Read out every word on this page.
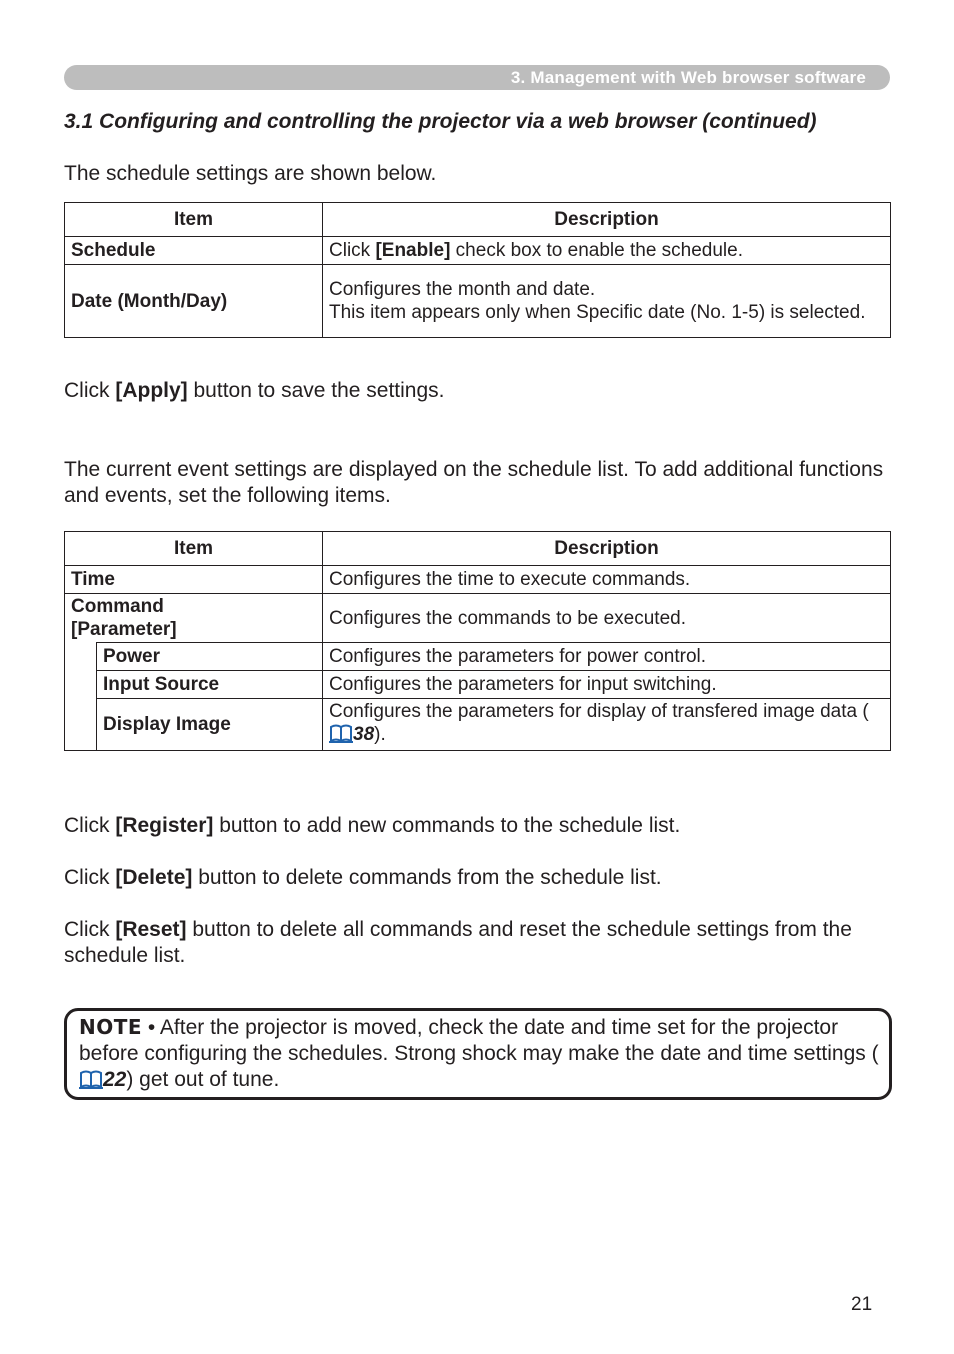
3. Management with Web browser software
3.1 Configuring and controlling the projector via a web browser (continued)
The schedule settings are shown below.
Item	Description
Schedule	Click [Enable] check box to enable the schedule.
Date (Month/Day)	Configures the month and date.
This item appears only when Specific date (No. 1-5) is selected.
Click [Apply] button to save the settings.
The current event settings are displayed on the schedule list. To add additional functions and events, set the following items.
Item		Description
Time		Configures the time to execute commands.

Command
[Parameter]		Configures the commands to be executed.
	Power	Configures the parameters for power control.
	Input Source	Configures the parameters for input switching.
	Display Image	Configures the parameters for display of transfered image data (38).
Click [Register] button to add new commands to the schedule list.
Click [Delete] button to delete commands from the schedule list.
Click [Reset] button to delete all commands and reset the schedule settings from the schedule list.
NOTE • After the projector is moved, check the date and time set for the projector before configuring the schedules. Strong shock may make the date and time settings (22) get out of tune.
21
